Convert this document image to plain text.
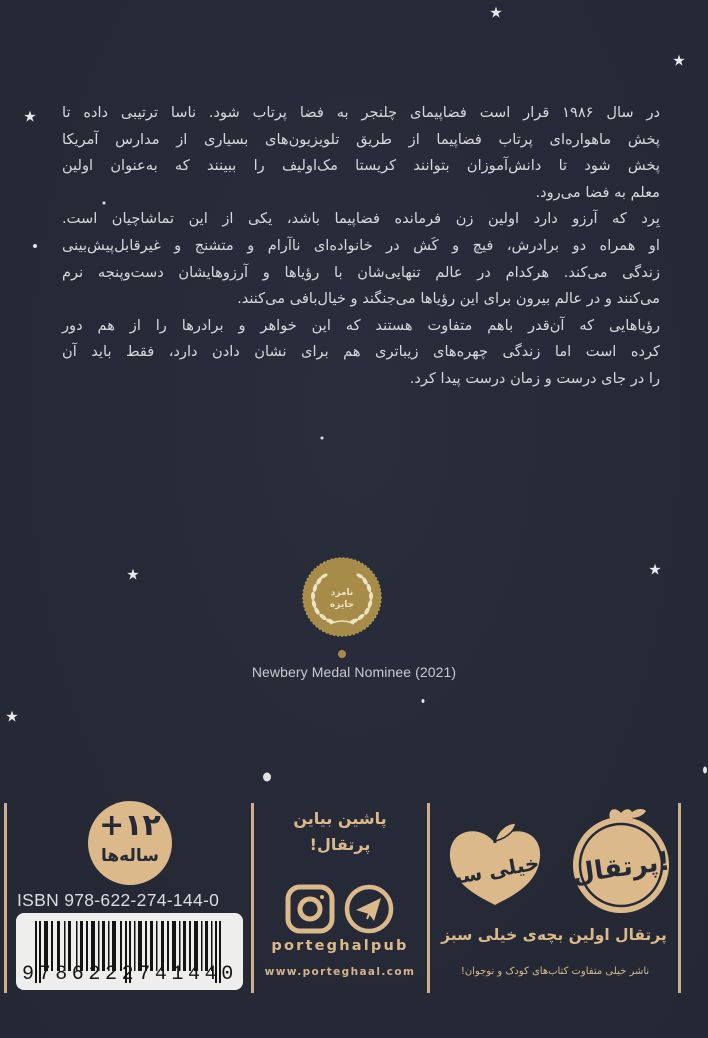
★
★
★
★	★
★

در سال ۱۹۸۶ قرار است فضاپیمای چلنجر به فضا پرتاب شود. ناسا ترتیبی داده تا
پخش ماهواره‌ای پرتاب فضاپیما از طریق تلویزیون‌های بسیاری از مدارس آمریکا
پخش شود تا دانش‌آموزان بتوانند کریستا مک‌اولیف را ببینند که به‌عنوان اولین
معلم به فضا می‌رود.

بِرد که آرزو دارد اولین زن فرمانده فضاپیما باشد، یکی از این تماشاچیان است.
او همراه دو برادرش، فیچ و کَش در خانواده‌ای ناآرام و متشنج و غیرقابل‌پیش‌بینی
زندگی می‌کند. هرکدام در عالم تنهایی‌شان با رؤیاها و آرزوهایشان دست‌وپنجه نرم
می‌کنند و در عالم بیرون برای این رؤیاها می‌جنگند و خیال‌بافی می‌کنند.

رؤیاهایی که آن‌قدر باهم متفاوت هستند که این خواهر و برادرها را از هم دور
کرده است اما زندگی چهره‌های زیباتری هم برای نشان دادن دارد، فقط باید آن
را در جای درست و زمان درست پیدا کرد.

نامزد
جایزه
Newbery Medal Nominee (2021)
+۱۲
ساله‌ها
ISBN 978-622-274-144-0
9786222741440
پاشین بیاین
پرتقال!
porteghalpub
www.porteghaal.com
خیلی سبز! پرتقال!
پرتقال اولین بچه‌ی خیلی سبز
ناشر خیلی متفاوت کتاب‌های کودک و نوجوان!
